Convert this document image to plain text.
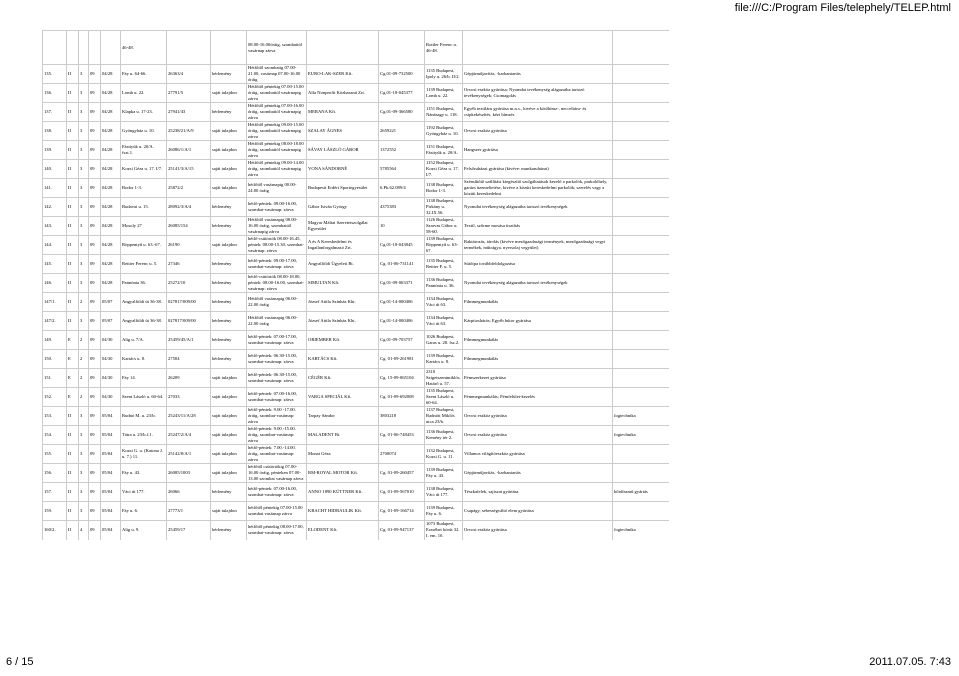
file:///C:/Program Files/telephely/TELEP.html
					46-48.			08.00-16.00óráig, szombattól vasárnap zárva			Rottler Ferenc u. 46-48.		
135.	II	3	09	04/28	Fáy u. 64-66.	26363/4	bérlemény	Hétfőtől szombatig 07.00-21.00, vasárnap 07.00-16.00 óráig	EURO-LAK-SZER Kft.	Cg.01-09-732500	1135 Budapest, Ipoly u. 26/b. II/2.	Gépjárműjavítás, -karbantartás	
136.	II	3	09	04/28	Lomb u. 22.	27791/5	saját tulajdon	Hétfőtől péntekig 07.00-15.00 óráig, szombattól vasárnapig zárva	Alfa Nonprofit Közhasznú Zrt.	Cg.01-10-045377	1139 Budapest, Lomb u. 22.	Orvosi eszköz gyártása; Nyomdai tevékenység alágazatba tartozó tevékenységek; Csomagolás	
137.	II	3	09	04/28	Klapka u. 17-23.	27941/43	bérlemény	Hétfőtől péntekig 07.00-16.00 óráig, szombattól vasárnapig zárva	MERANA Kft.	Cg.01-09-366580	1151 Budapest, Nánásagy u. 118.	Egyéb textiláru gyártása m.n.s., kivéve a kötőhímz-, necceltáru- és csipkekészítés, kézi hímzés	
138.	II	3	09	04/28	Gyöngyház u. 10.	25238/21/A/9	saját tulajdon	Hétfőtől péntekig 09.00-15.00 óráig, szombattól vasárnapig zárva	SZALAY ÁGNES	2659221	1192 Budapest, Gyöngyház u. 10.	Orvosi eszköz gyártása	
139.	II	3	09	04/28	Fásityúk u. 20/A. fszt.1.	26086/1/A/1	saját tulajdon	Hétfőtől péntekig 08.00-18.00 óráig, szombattól vasárnapig zárva	SÁVAY LÁSZLÓ GÁBOR	1372552	1151 Budapest, Fásityúk u. 20/A.	Hangszer gyártása	
140.	II	3	09	04/28	Kozsi Géza u. 17. I/7.	25141/3/A/15	saját tulajdon	Hétfőtől péntekig 09.00-14.00 óráig, szombattól vasárnapig zárva	VONA SÁNDORNÉ	5785564	1152 Budapest, Kozsi Géza u. 17. I/7.	Felsőruházat gyártása (kivéve: munkaruházat)	
141.	II	3	09	04/28	Bodor 1-3.	25872/2	saját tulajdon	hétfőtől vasárnapig 00.00-24.00 óráig	Budapesti Erdért Sportegyesület	6.Pk.62.089/4	1138 Budapest, Bodor 1-3.	Szénsűtőtő szállítási kiegészítő szolgáltatások kezelő a parkolók, parkolóhely, garázs üzemeltetése, kivéve a közúti kereskedelmi parkolók; szerelés vagy a közúti kereskedelmi	
142.	II	3	09	04/28	Budavai u. 15.	28092/3/A/4	bérlemény	hétfő-péntek: 09.00-16.00, szombat-vasárnap: zárva	Gábor István György	4375383	1138 Budapest, Pirkány u. 32.IX.56.	Nyomdai tevékenység alágazatba tartozó tevékenységek	
143.	II	3	09	04/28	Mosoly 27	26085/154	bérlemény	Hétfőtől vasárnapig 08.00-16.00 óráig, szombattól vasárnapig zárva	Magyar Máltai Szeretetszolgálat Egyesület	10	1126 Budapest, Szarvas Gábor u. 58-60.	Textil, szőrme mosása tisztítás	
144.	II	3	09	04/28	Röppentyű u. 63.-67.	26190	saját tulajdon	hétfő-csütörtök 08.00-16.45, péntek: 08.00-15.30, szombat-vasárnap: zárva	A és A Kereskedelmi és Ingatlanforgalmazó Zrt.	Cg.01-10-043845	1139 Budapest, Röppentyű u. 63-67.	Raktározás, tárolás (kivéve mezőgazdasági termények, mezőgazdasági vegyi termékek, műtrágya, nyersolaj vegyület)	
145.	II	3	09	04/28	Reitter Ferenc u. 5.	27346	bérlemény	hétfő-péntek: 09.00-17.00, szombat-vasárnap: zárva	Angyalföldi Ügyeleti Bt.	Cg. 01-06-731141	1135 Budapest, Reitter F. u. 5.	Sütőipa továbbfeldolgozása	
146.	II	3	09	04/28	Pannónia 36.	25272/10	bérlemény	hétfő-csütörtök 08.00-18.00, péntek: 08.00-16.00, szombat-vasárnap: zárva	SIMULTAN Kft.	Cg.01-09-063371	1136 Budapest, Pannónia u. 36.	Nyomdai tevékenység alágazatba tartozó tevékenységek	
147/1.	II	2	09	05/07	Angyalföldi út 36-38.	027817/009/00	bérlemény	Hétfőtől vasárnapig 06.00-22.00 óráig	József Attila Színház Kht.	Cg.01-14-000406	1134 Budapest, Váci út 63.	Filmmegmunkálás	
147/2.	II	3	09	05/07	Angyalföldi út 36-38.	027817/009/00	bérlemény	Hétfőtől vasárnapig 06.00-22.00 óráig	József Attila Színház Kht.	Cg.01-14-000406	1134 Budapest, Váci út 63.	Kárpitoshárás; Egyéb bútor gyártása	
149.	E	2	09	04/30	Alig u. 7/A.	25459/45/A/1	bérlemény	hétfő-péntek: 07.00-17.00, szombat-vasárnap: zárva	ORIEMBER Kft.	Cg.01-09-703757	1026 Budapest, Garas u. 28. fsz.2.	Filmmegmunkálás	
150.	E	2	09	04/30	Kartács u. 8.	27504	bérlemény	hétfő-péntek: 06.30-15.00, szombat-vasárnap: zárva	KARTÁCS Kft.	Cg. 01-09-261981	1139 Budapest, Kartács u. 8.	Filmmegmunkálás	
151.	E	2	09	04/30	Fáy 14.	26209	saját tulajdon	hétfő-péntek: 06.30-15.00, szombat-vasárnap: zárva	CÉGÉR Kft.	Cg. 15-09-065104	2310 Szigetszentmiklós, Határő u. 57.	Fémszerkezet gyártása	
152.	E	2	09	04/30	Szent László u. 60-64.	27033	saját tulajdon	hétfő-péntek: 07.00-16.00, szombat-vasárnap: zárva	VARGA SPECIÁL Kft.	Cg. 01-09-692008	1135 Budapest, Szent László u. 60-64.	Fémmegmunkálás; Fémfelület-kezelés	
153.	II	3	09	05/04	Rudnó M. u. 23/b.	25243/11/A/28	saját tulajdon	hétfő-péntek: 9.00 -17.00. óráig, szombat-vasárnap: zárva	Tarpay Sándor	3803218	1137 Budapest, Radnóti Miklós utca 23/b.	Orvosi eszköz gyártása	fogtechnika
154.	II	3	09	05/04	Tátra u. 23/b.f.1.	25247/2/A/4	saját tulajdon	hétfő-péntek: 9.00.-15.00. óráig, szombat-vasárnap: zárva	MALADENT Bt.	Cg. 01-06-748453	1136 Budapest, Kemény tér 2.	Orvosi eszköz gyártása	fogtechnika
155.	II	3	09	05/04	Kozsi G. u. (Katona J. u. 7.) 11.	25142/8/A/1	saját tulajdon	hétfő-péntek: 7.00.-14.00. óráig, szombat-vasárnap: zárva	Monai Géza	2700074	1132 Budapest, Kozsi G. u. 11.	Villamos világítóeszköz gyártása	
156.	II	3	09	05/04	Fáy u. 43.	26085/1003	saját tulajdon	hétfőtől csütörtökig 07.00-16.00 óráig, pénteken 07.00-13.00 szombat vasárnap zárva	RM-ROYAL MOTOR Kft.	Cg. 01-09-260457	1139 Budapest, Fáy u. 43.	Gépjárműjavítás, -karbantartás	
157.	II	3	09	05/04	Váci út 177.	26066	bérlemény	hétfő-péntek: 07.00-16.00, szombat-vasárnap: zárva	ANNO 1890 KÜTTNER Kft.	Cg. 01-09-567010	1138 Budapest, Váci út 177.	Tészkafelek, sajtszat gyártása	bőrdíszmű gyártás
159.	II	3	09	05/04	Fáy u. 6.	27773/1	saját tulajdon	hétfőtől péntekig 07.00-15.00 szombat vasárnap zárva	KRACHT HIDRAULIK Kft.	Cg. 01-09-166714	1139 Budapest, Fáy u. 6.	Csapágy, sebességváltó elem gyártása	
160/2.	II	4	09	05/04	Alig u. 9.	25459/17	bérlemény	hétfőtől péntekig 08.00-17.00, szombat-vasárnap: zárva	ELODENT Kft.	Cg. 01-09-947137	1073 Budapest, Erzsébet körút 32. I. em. 10.	Orvosi eszköz gyártása	fogtechnika
6 / 15	2011.07.05. 7:43
